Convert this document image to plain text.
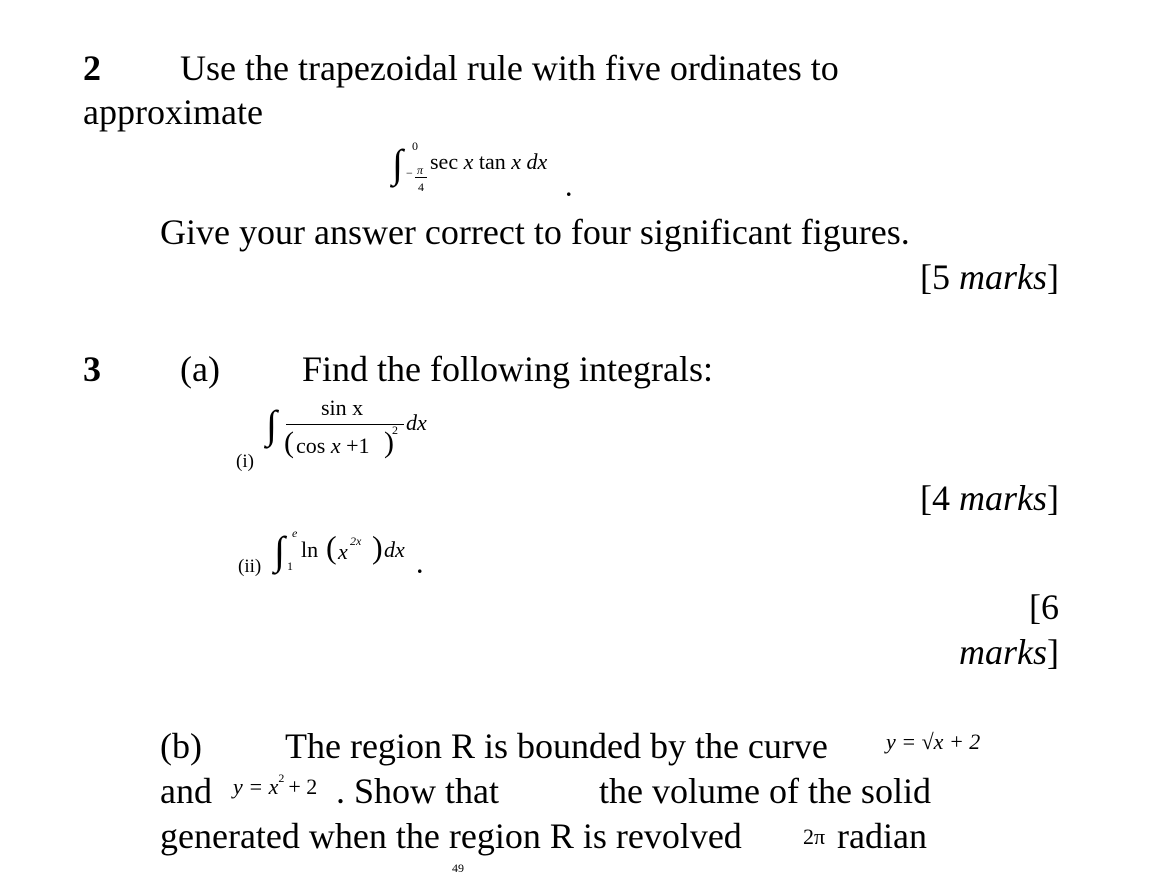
2 Use the trapezoidal rule with five ordinates to
approximate
∫ 0
− π
4
sec x tan x dx
.
Give your answer correct to four significant figures.
[5 marks]
3 (a) Find the following integrals:
(i)
∫ sin x
( cos x +1 )
2 dx
[4 marks]
(ii) ∫ e
1
ln ( x 2x ) dx
.
[6
marks]
(b) The region R is bounded by the curve	y = √x + 2
and $y = x^2 + 2$ . Show that	the volume of the solid
generated when the region R is revolved	2π radian
49
